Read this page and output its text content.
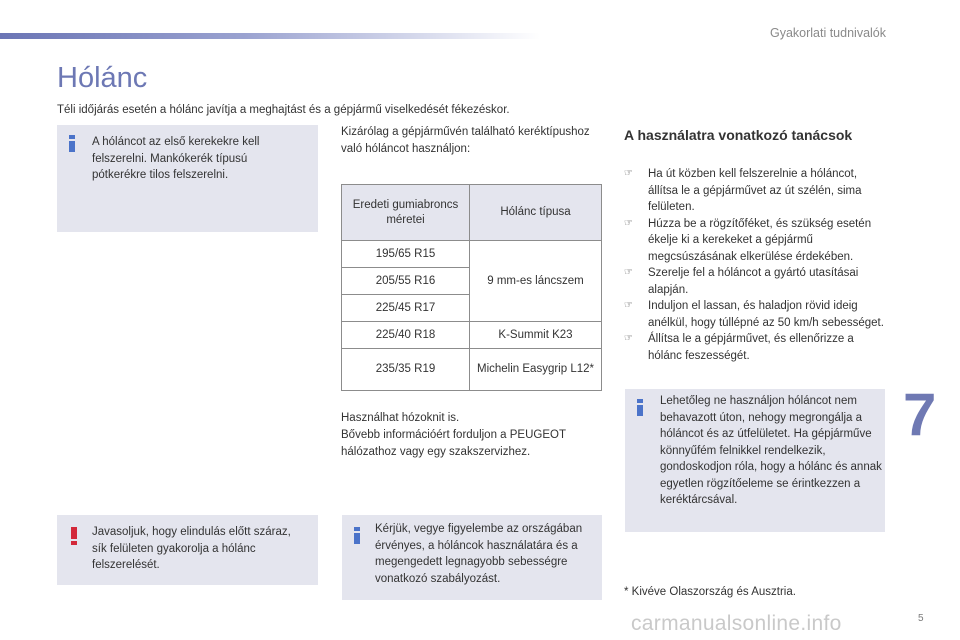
Gyakorlati tudnivalók
Hólánc
Téli időjárás esetén a hólánc javítja a meghajtást és a gépjármű viselkedését fékezéskor.

A hóláncot az első kerekekre kell felszerelni. Mankókerék típusú pótkerékre tilos felszerelni.

Kizárólag a gépjárművén található keréktípushoz való hóláncot használjon:
Eredeti gumiabroncs méretei	Hólánc típusa
195/65 R15	9 mm-es láncszem
205/55 R16	
225/45 R17	
225/40 R18	K-Summit K23
235/35 R19	Michelin Easygrip L12*
Használhat hózoknit is.
Bővebb információért forduljon a PEUGEOT hálózathoz vagy egy szakszervizhez.

Javasoljuk, hogy elindulás előtt száraz, sík felületen gyakorolja a hólánc felszerelését.

Kérjük, vegye figyelembe az országában érvényes, a hóláncok használatára és a megengedett legnagyobb sebességre vonatkozó szabályozást.

A használatra vonatkozó tanácsok
☞ Ha út közben kell felszerelnie a hóláncot, állítsa le a gépjárművet az út szélén, sima felületen.
☞ Húzza be a rögzítőféket, és szükség esetén ékelje ki a kerekeket a gépjármű megcsúszásának elkerülése érdekében.
☞ Szerelje fel a hóláncot a gyártó utasításai alapján.
☞ Induljon el lassan, és haladjon rövid ideig anélkül, hogy túllépné az 50 km/h sebességet.
☞ Állítsa le a gépjárművet, és ellenőrizze a hólánc feszességét.

Lehetőleg ne használjon hóláncot nem behavazott úton, nehogy megrongálja a hóláncot és az útfelületet. Ha gépjárműve könnyűfém felnikkel rendelkezik, gondoskodjon róla, hogy a hólánc és annak egyetlen rögzítőeleme se érintkezzen a keréktárcsával.

* Kivéve Olaszország és Ausztria.
7
carmanualsonline.info	5
